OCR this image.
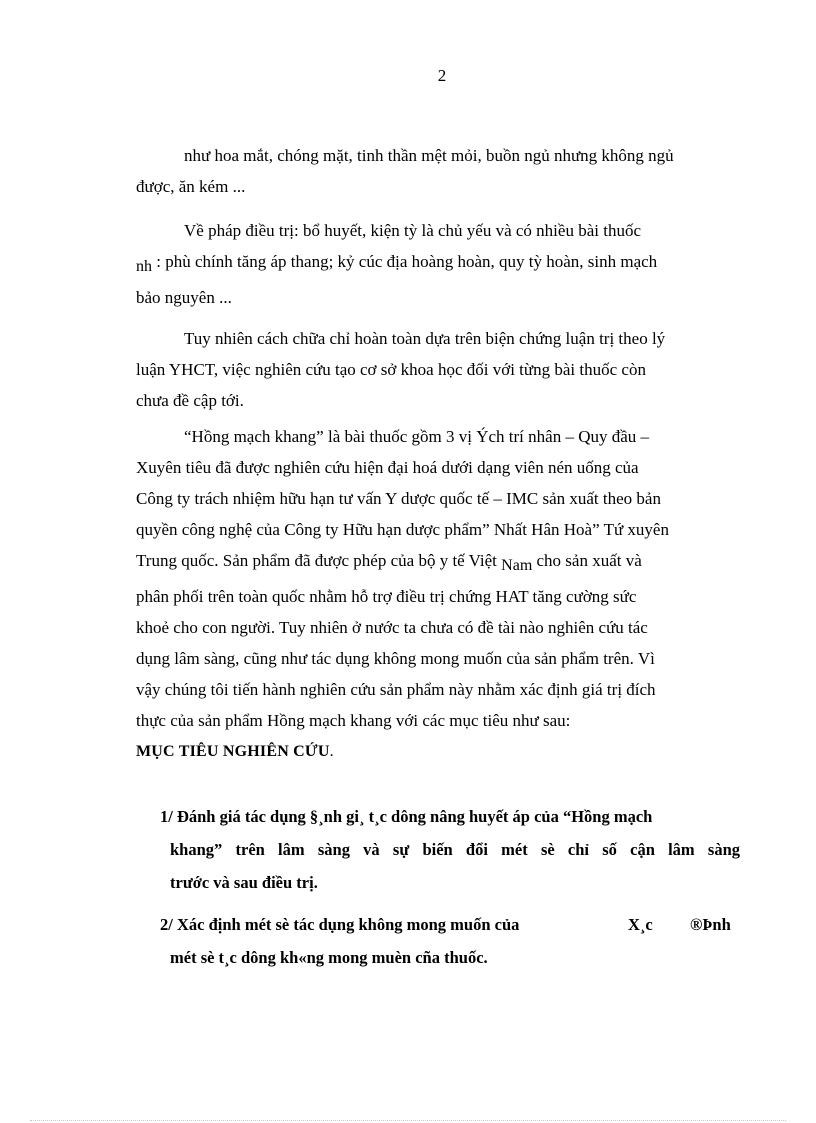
2

như hoa mắt, chóng mặt, tinh thần mệt mỏi, buồn ngủ nhưng không ngủ
được, ăn kém ...

Về pháp điều trị: bổ huyết, kiện tỳ là chủ yếu và có nhiều bài thuốc
nh : phù chính tăng áp thang; kỷ cúc địa hoàng hoàn, quy tỳ hoàn, sinh mạch
bảo nguyên ...

Tuy nhiên cách chữa chỉ hoàn toàn dựa trên biện chứng luận trị theo lý
luận YHCT, việc nghiên cứu tạo cơ sở khoa học đối với từng bài thuốc còn
chưa đề cập tới.

“Hồng mạch khang” là bài thuốc gồm 3 vị Ých trí nhân – Quy đầu –
Xuyên tiêu đã được nghiên cứu hiện đại hoá dưới dạng viên nén uống của
Công ty trách nhiệm hữu hạn tư vấn Y dược quốc tế – IMC sản xuất theo bản
quyền công nghệ của Công ty Hữu hạn dược phẩm” Nhất Hân Hoà” Tứ xuyên
Trung quốc. Sản phẩm đã được phép của bộ y tế Việt Nam cho sản xuất và
phân phối trên toàn quốc nhằm hỗ trợ điều trị chứng HAT tăng cường sức
khoẻ cho con người. Tuy nhiên ở nước ta chưa có đề tài nào nghiên cứu tác
dụng lâm sàng, cũng như tác dụng không mong muốn của sản phẩm trên. Vì
vậy chúng tôi tiến hành nghiên cứu sản phẩm này nhằm xác định giá trị đích
thực của sản phẩm Hồng mạch khang với các mục tiêu như sau:

MỤC TIÊU NGHIÊN CỨU.

1/ Đánh giá tác dụng §¸nh gi¸ t¸c dông nâng huyết áp của “Hồng mạch
khang” trên lâm sàng và sự biến đổi mét sè chỉ số cận lâm sàng
trước và sau điều trị.
2/ Xác định mét sè tác dụng không mong muốn của	X¸c ®Þnh
mét sè t¸c dông kh«ng mong muèn cña thuốc.
